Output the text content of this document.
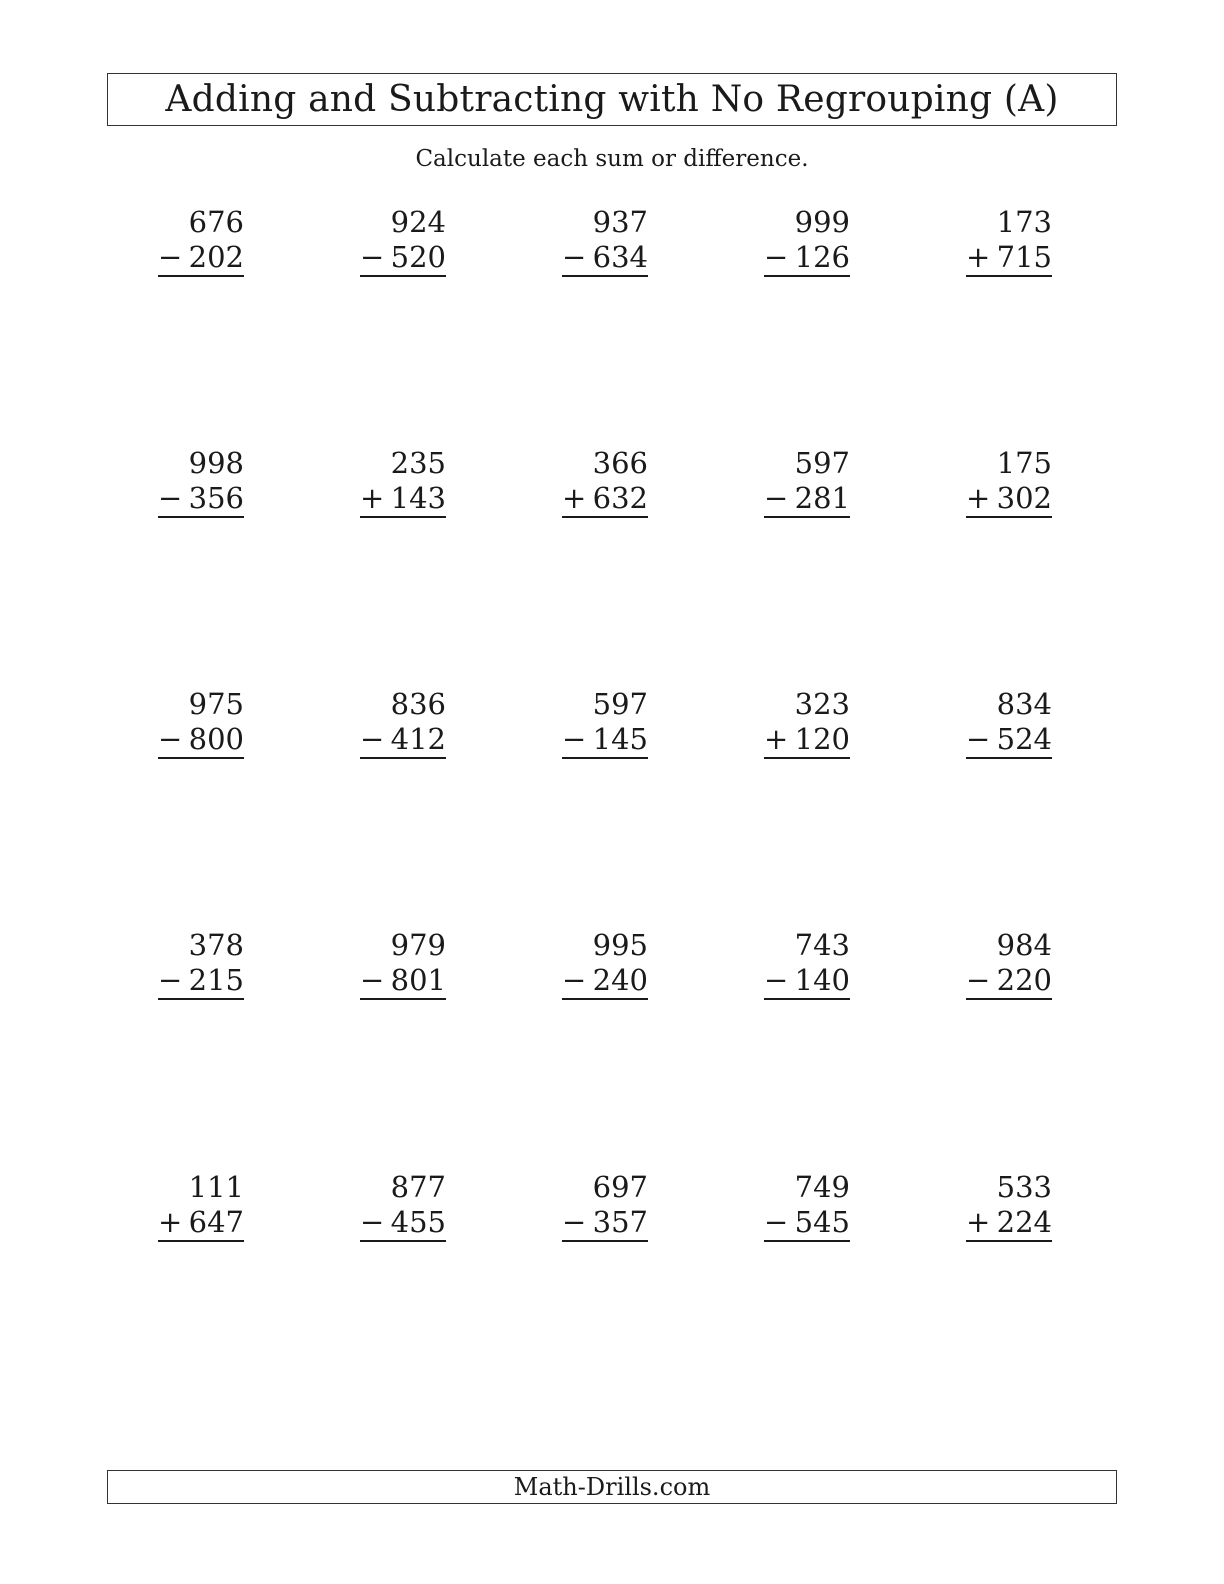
Adding and Subtracting with No Regrouping (A)
Calculate each sum or difference.
676
− 202
924
− 520
937
− 634
999
− 126
173
+ 715
998
− 356
235
+ 143
366
+ 632
597
− 281
175
+ 302
975
− 800
836
− 412
597
− 145
323
+ 120
834
− 524
378
− 215
979
− 801
995
− 240
743
− 140
984
− 220
111
+ 647
877
− 455
697
− 357
749
− 545
533
+ 224
Math-Drills.com
